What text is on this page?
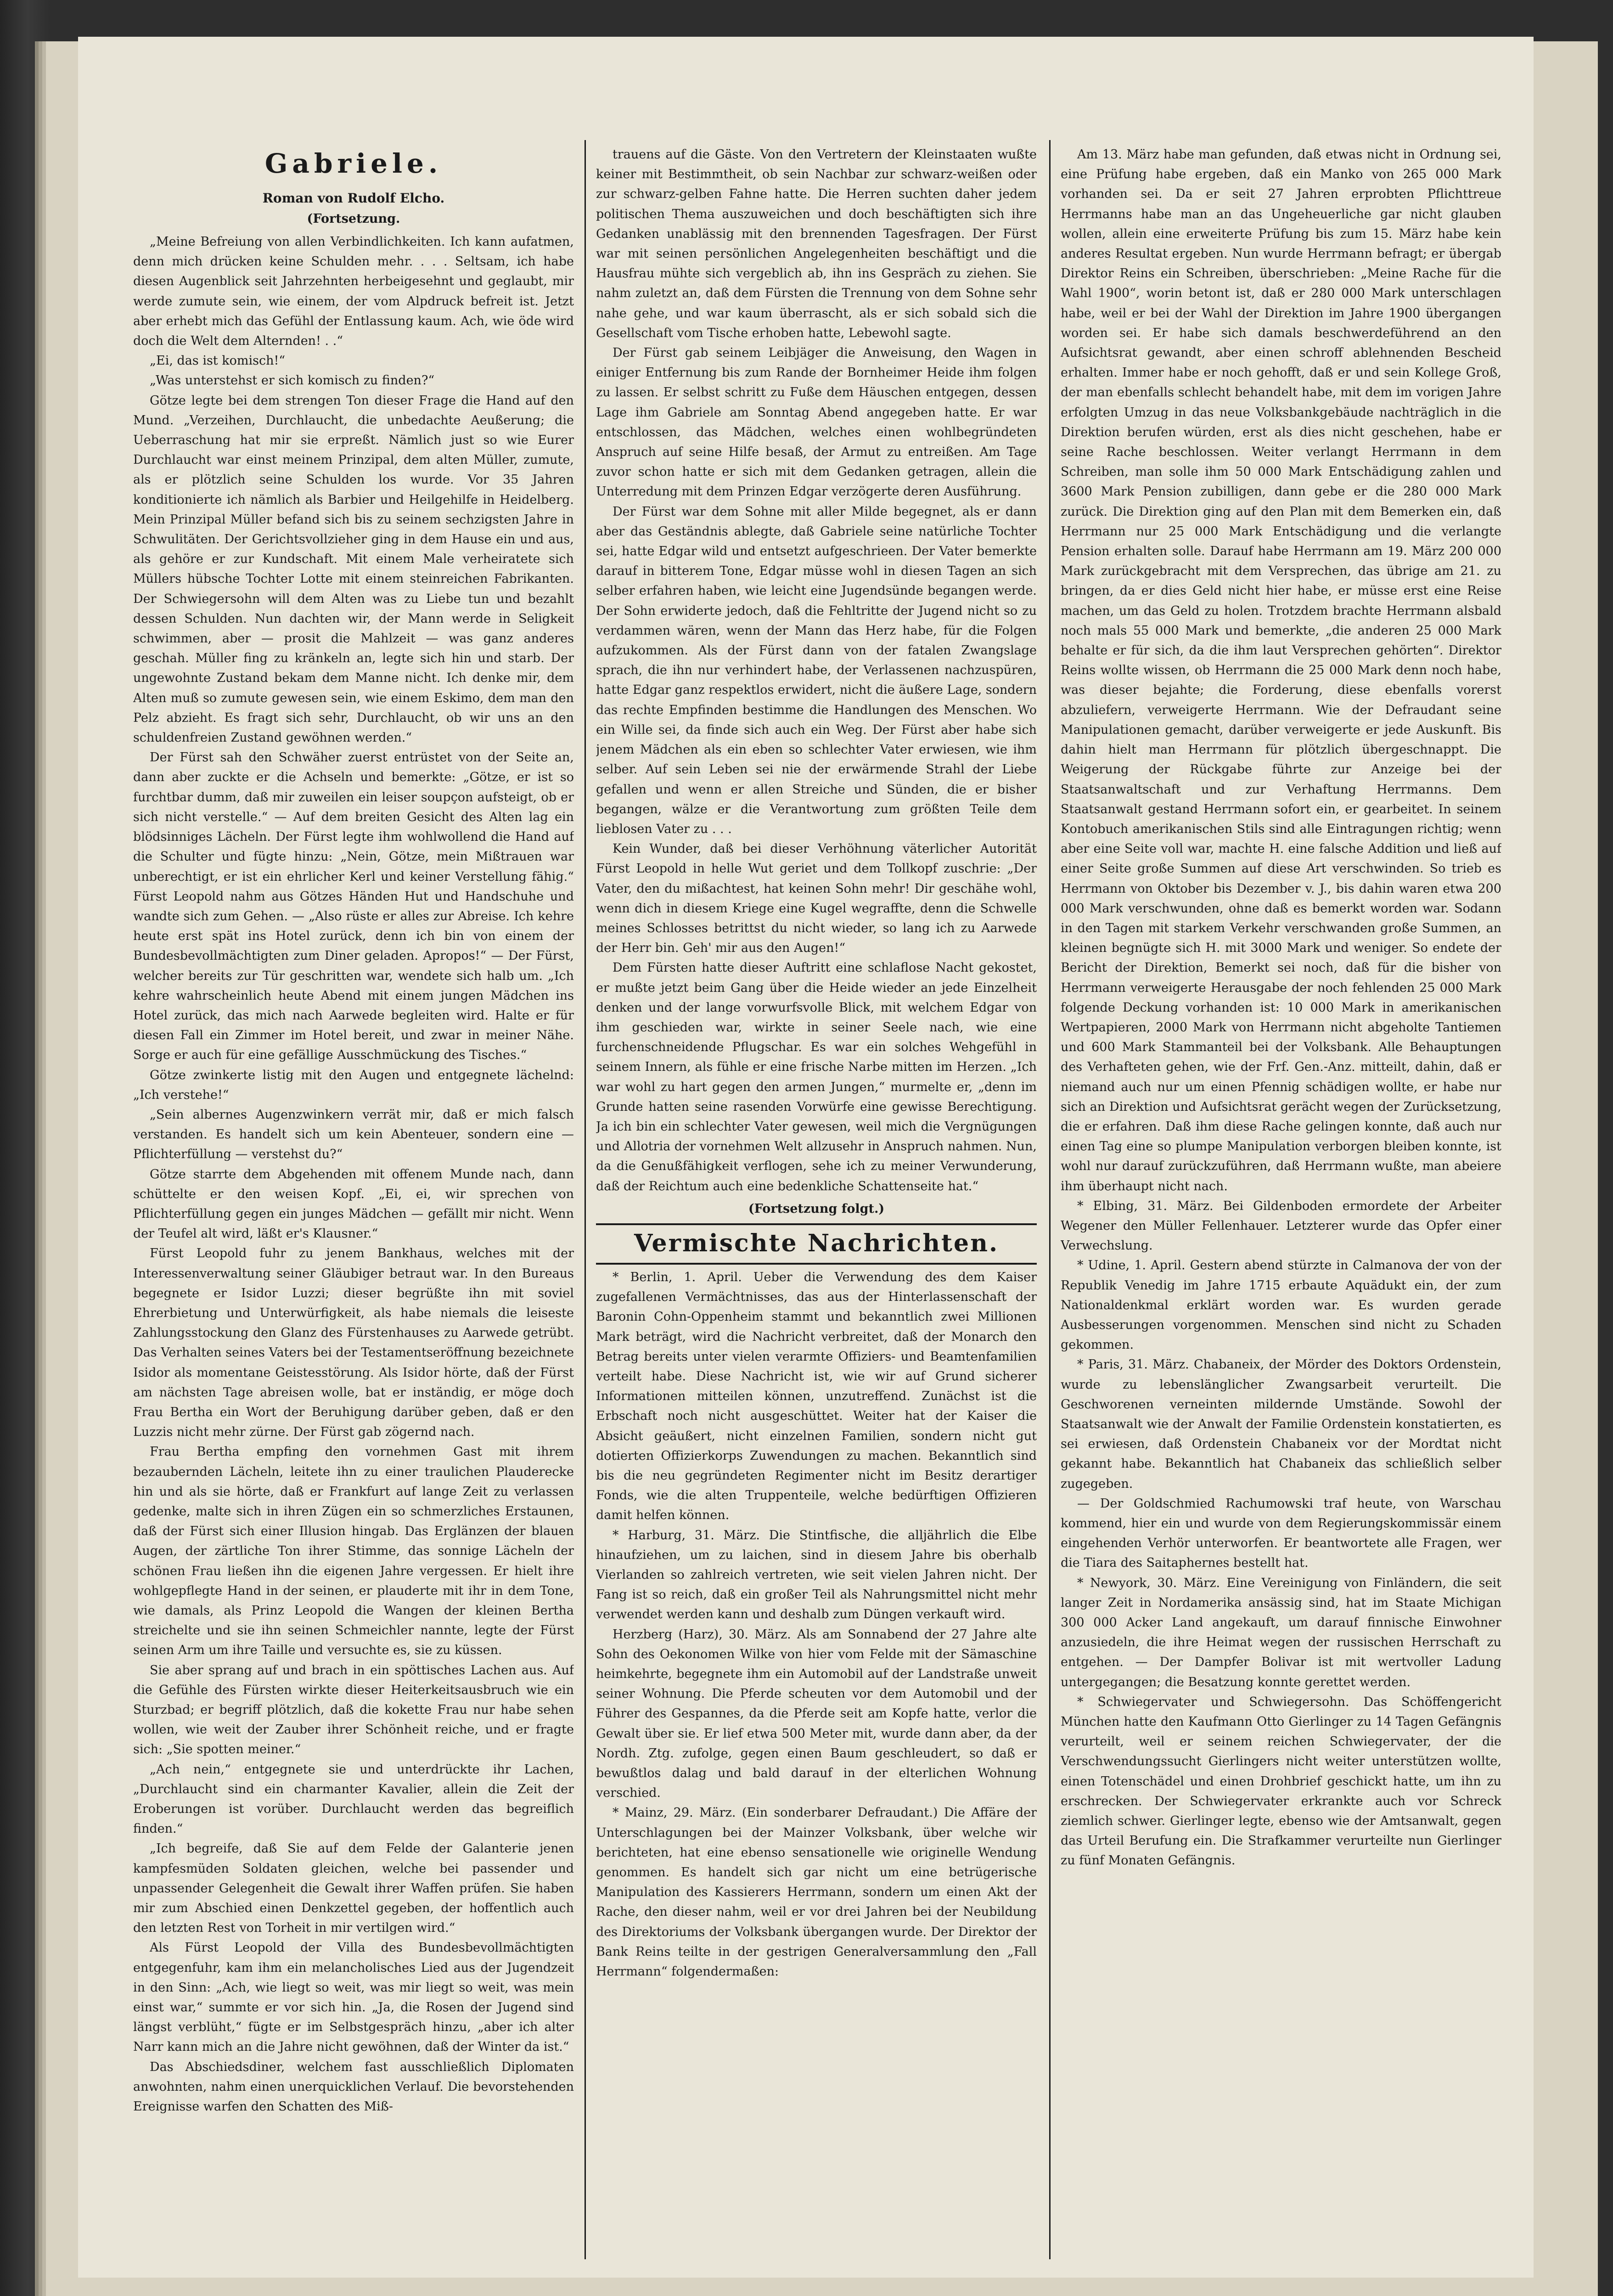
Gabriele.
Roman von Rudolf Elcho.
(Fortsetzung.

„Meine Befreiung von allen Verbindlichkeiten. Ich kann aufatmen, denn mich drücken keine Schulden mehr. . . . Seltsam, ich habe diesen Augenblick seit Jahrzehnten herbeigesehnt und geglaubt, mir werde zumute sein, wie einem, der vom Alpdruck befreit ist. Jetzt aber erhebt mich das Gefühl der Entlassung kaum. Ach, wie öde wird doch die Welt dem Alternden! . .“

„Ei, das ist komisch!“

„Was unterstehst er sich komisch zu finden?“

Götze legte bei dem strengen Ton dieser Frage die Hand auf den Mund. „Verzeihen, Durchlaucht, die unbedachte Aeußerung; die Ueberraschung hat mir sie erpreßt. Nämlich just so wie Eurer Durchlaucht war einst meinem Prinzipal, dem alten Müller, zumute, als er plötzlich seine Schulden los wurde. Vor 35 Jahren konditionierte ich nämlich als Barbier und Heilgehilfe in Heidelberg. Mein Prinzipal Müller befand sich bis zu seinem sechzigsten Jahre in Schwulitäten. Der Gerichtsvollzieher ging in dem Hause ein und aus, als gehöre er zur Kundschaft. Mit einem Male verheiratete sich Müllers hübsche Tochter Lotte mit einem steinreichen Fabrikanten. Der Schwiegersohn will dem Alten was zu Liebe tun und bezahlt dessen Schulden. Nun dachten wir, der Mann werde in Seligkeit schwimmen, aber — prosit die Mahlzeit — was ganz anderes geschah. Müller fing zu kränkeln an, legte sich hin und starb. Der ungewohnte Zustand bekam dem Manne nicht. Ich denke mir, dem Alten muß so zumute gewesen sein, wie einem Eskimo, dem man den Pelz abzieht. Es fragt sich sehr, Durchlaucht, ob wir uns an den schuldenfreien Zustand gewöhnen werden.“

Der Fürst sah den Schwäher zuerst entrüstet von der Seite an, dann aber zuckte er die Achseln und bemerkte: „Götze, er ist so furchtbar dumm, daß mir zuweilen ein leiser soupçon aufsteigt, ob er sich nicht verstelle.“ — Auf dem breiten Gesicht des Alten lag ein blödsinniges Lächeln. Der Fürst legte ihm wohlwollend die Hand auf die Schulter und fügte hinzu: „Nein, Götze, mein Mißtrauen war unberechtigt, er ist ein ehrlicher Kerl und keiner Verstellung fähig.“ Fürst Leopold nahm aus Götzes Händen Hut und Handschuhe und wandte sich zum Gehen. — „Also rüste er alles zur Abreise. Ich kehre heute erst spät ins Hotel zurück, denn ich bin von einem der Bundesbevollmächtigten zum Diner geladen. Apropos!“ — Der Fürst, welcher bereits zur Tür geschritten war, wendete sich halb um. „Ich kehre wahrscheinlich heute Abend mit einem jungen Mädchen ins Hotel zurück, das mich nach Aarwede begleiten wird. Halte er für diesen Fall ein Zimmer im Hotel bereit, und zwar in meiner Nähe. Sorge er auch für eine gefällige Ausschmückung des Tisches.“

Götze zwinkerte listig mit den Augen und entgegnete lächelnd: „Ich verstehe!“

„Sein albernes Augenzwinkern verrät mir, daß er mich falsch verstanden. Es handelt sich um kein Abenteuer, sondern eine — Pflichterfüllung — verstehst du?“

Götze starrte dem Abgehenden mit offenem Munde nach, dann schüttelte er den weisen Kopf. „Ei, ei, wir sprechen von Pflichterfüllung gegen ein junges Mädchen — gefällt mir nicht. Wenn der Teufel alt wird, läßt er's Klausner.“

Fürst Leopold fuhr zu jenem Bankhaus, welches mit der Interessenverwaltung seiner Gläubiger betraut war. In den Bureaus begegnete er Isidor Luzzi; dieser begrüßte ihn mit soviel Ehrerbietung und Unterwürfigkeit, als habe niemals die leiseste Zahlungsstockung den Glanz des Fürstenhauses zu Aarwede getrübt. Das Verhalten seines Vaters bei der Testamentseröffnung bezeichnete Isidor als momentane Geistesstörung. Als Isidor hörte, daß der Fürst am nächsten Tage abreisen wolle, bat er inständig, er möge doch Frau Bertha ein Wort der Beruhigung darüber geben, daß er den Luzzis nicht mehr zürne. Der Fürst gab zögernd nach.

Frau Bertha empfing den vornehmen Gast mit ihrem bezaubernden Lächeln, leitete ihn zu einer traulichen Plauderecke hin und als sie hörte, daß er Frankfurt auf lange Zeit zu verlassen gedenke, malte sich in ihren Zügen ein so schmerzliches Erstaunen, daß der Fürst sich einer Illusion hingab. Das Erglänzen der blauen Augen, der zärtliche Ton ihrer Stimme, das sonnige Lächeln der schönen Frau ließen ihn die eigenen Jahre vergessen. Er hielt ihre wohlgepflegte Hand in der seinen, er plauderte mit ihr in dem Tone, wie damals, als Prinz Leopold die Wangen der kleinen Bertha streichelte und sie ihn seinen Schmeichler nannte, legte der Fürst seinen Arm um ihre Taille und versuchte es, sie zu küssen.

Sie aber sprang auf und brach in ein spöttisches Lachen aus. Auf die Gefühle des Fürsten wirkte dieser Heiterkeitsausbruch wie ein Sturzbad; er begriff plötzlich, daß die kokette Frau nur habe sehen wollen, wie weit der Zauber ihrer Schönheit reiche, und er fragte sich: „Sie spotten meiner.“

„Ach nein,“ entgegnete sie und unterdrückte ihr Lachen, „Durchlaucht sind ein charmanter Kavalier, allein die Zeit der Eroberungen ist vorüber. Durchlaucht werden das begreiflich finden.“

„Ich begreife, daß Sie auf dem Felde der Galanterie jenen kampfesmüden Soldaten gleichen, welche bei passender und unpassender Gelegenheit die Gewalt ihrer Waffen prüfen. Sie haben mir zum Abschied einen Denkzettel gegeben, der hoffentlich auch den letzten Rest von Torheit in mir vertilgen wird.“

Als Fürst Leopold der Villa des Bundesbevollmächtigten entgegenfuhr, kam ihm ein melancholisches Lied aus der Jugendzeit in den Sinn: „Ach, wie liegt so weit, was mir liegt so weit, was mein einst war,“ summte er vor sich hin. „Ja, die Rosen der Jugend sind längst verblüht,“ fügte er im Selbstgespräch hinzu, „aber ich alter Narr kann mich an die Jahre nicht gewöhnen, daß der Winter da ist.“

Das Abschiedsdiner, welchem fast ausschließlich Diplomaten anwohnten, nahm einen unerquicklichen Verlauf. Die bevorstehenden Ereignisse warfen den Schatten des Miß-

trauens auf die Gäste. Von den Vertretern der Kleinstaaten wußte keiner mit Bestimmtheit, ob sein Nachbar zur schwarz-weißen oder zur schwarz-gelben Fahne hatte. Die Herren suchten daher jedem politischen Thema auszuweichen und doch beschäftigten sich ihre Gedanken unablässig mit den brennenden Tagesfragen. Der Fürst war mit seinen persönlichen Angelegenheiten beschäftigt und die Hausfrau mühte sich vergeblich ab, ihn ins Gespräch zu ziehen. Sie nahm zuletzt an, daß dem Fürsten die Trennung von dem Sohne sehr nahe gehe, und war kaum überrascht, als er sich sobald sich die Gesellschaft vom Tische erhoben hatte, Lebewohl sagte.

Der Fürst gab seinem Leibjäger die Anweisung, den Wagen in einiger Entfernung bis zum Rande der Bornheimer Heide ihm folgen zu lassen. Er selbst schritt zu Fuße dem Häuschen entgegen, dessen Lage ihm Gabriele am Sonntag Abend angegeben hatte. Er war entschlossen, das Mädchen, welches einen wohlbegründeten Anspruch auf seine Hilfe besaß, der Armut zu entreißen. Am Tage zuvor schon hatte er sich mit dem Gedanken getragen, allein die Unterredung mit dem Prinzen Edgar verzögerte deren Ausführung.

Der Fürst war dem Sohne mit aller Milde begegnet, als er dann aber das Geständnis ablegte, daß Gabriele seine natürliche Tochter sei, hatte Edgar wild und entsetzt aufgeschrieen. Der Vater bemerkte darauf in bitterem Tone, Edgar müsse wohl in diesen Tagen an sich selber erfahren haben, wie leicht eine Jugendsünde begangen werde. Der Sohn erwiderte jedoch, daß die Fehltritte der Jugend nicht so zu verdammen wären, wenn der Mann das Herz habe, für die Folgen aufzukommen. Als der Fürst dann von der fatalen Zwangslage sprach, die ihn nur verhindert habe, der Verlassenen nachzuspüren, hatte Edgar ganz respektlos erwidert, nicht die äußere Lage, sondern das rechte Empfinden bestimme die Handlungen des Menschen. Wo ein Wille sei, da finde sich auch ein Weg. Der Fürst aber habe sich jenem Mädchen als ein eben so schlechter Vater erwiesen, wie ihm selber. Auf sein Leben sei nie der erwärmende Strahl der Liebe gefallen und wenn er allen Streiche und Sünden, die er bisher begangen, wälze er die Verantwortung zum größten Teile dem lieblosen Vater zu . . .

Kein Wunder, daß bei dieser Verhöhnung väterlicher Autorität Fürst Leopold in helle Wut geriet und dem Tollkopf zuschrie: „Der Vater, den du mißachtest, hat keinen Sohn mehr! Dir geschähe wohl, wenn dich in diesem Kriege eine Kugel wegraffte, denn die Schwelle meines Schlosses betrittst du nicht wieder, so lang ich zu Aarwede der Herr bin. Geh' mir aus den Augen!“

Dem Fürsten hatte dieser Auftritt eine schlaflose Nacht gekostet, er mußte jetzt beim Gang über die Heide wieder an jede Einzelheit denken und der lange vorwurfsvolle Blick, mit welchem Edgar von ihm geschieden war, wirkte in seiner Seele nach, wie eine furchenschneidende Pflugschar. Es war ein solches Wehgefühl in seinem Innern, als fühle er eine frische Narbe mitten im Herzen. „Ich war wohl zu hart gegen den armen Jungen,“ murmelte er, „denn im Grunde hatten seine rasenden Vorwürfe eine gewisse Berechtigung. Ja ich bin ein schlechter Vater gewesen, weil mich die Vergnügungen und Allotria der vornehmen Welt allzusehr in Anspruch nahmen. Nun, da die Genußfähigkeit verflogen, sehe ich zu meiner Verwunderung, daß der Reichtum auch eine bedenkliche Schattenseite hat.“

(Fortsetzung folgt.)
Vermischte Nachrichten.

* Berlin, 1. April. Ueber die Verwendung des dem Kaiser zugefallenen Vermächtnisses, das aus der Hinterlassenschaft der Baronin Cohn-Oppenheim stammt und bekanntlich zwei Millionen Mark beträgt, wird die Nachricht verbreitet, daß der Monarch den Betrag bereits unter vielen verarmte Offiziers- und Beamtenfamilien verteilt habe. Diese Nachricht ist, wie wir auf Grund sicherer Informationen mitteilen können, unzutreffend. Zunächst ist die Erbschaft noch nicht ausgeschüttet. Weiter hat der Kaiser die Absicht geäußert, nicht einzelnen Familien, sondern nicht gut dotierten Offizierkorps Zuwendungen zu machen. Bekanntlich sind bis die neu gegründeten Regimenter nicht im Besitz derartiger Fonds, wie die alten Truppenteile, welche bedürftigen Offizieren damit helfen können.

* Harburg, 31. März. Die Stintfische, die alljährlich die Elbe hinaufziehen, um zu laichen, sind in diesem Jahre bis oberhalb Vierlanden so zahlreich vertreten, wie seit vielen Jahren nicht. Der Fang ist so reich, daß ein großer Teil als Nahrungsmittel nicht mehr verwendet werden kann und deshalb zum Düngen verkauft wird.

Herzberg (Harz), 30. März. Als am Sonnabend der 27 Jahre alte Sohn des Oekonomen Wilke von hier vom Felde mit der Sämaschine heimkehrte, begegnete ihm ein Automobil auf der Landstraße unweit seiner Wohnung. Die Pferde scheuten vor dem Automobil und der Führer des Gespannes, da die Pferde seit am Kopfe hatte, verlor die Gewalt über sie. Er lief etwa 500 Meter mit, wurde dann aber, da der Nordh. Ztg. zufolge, gegen einen Baum geschleudert, so daß er bewußtlos dalag und bald darauf in der elterlichen Wohnung verschied.

* Mainz, 29. März. (Ein sonderbarer Defraudant.) Die Affäre der Unterschlagungen bei der Mainzer Volksbank, über welche wir berichteten, hat eine ebenso sensationelle wie originelle Wendung genommen. Es handelt sich gar nicht um eine betrügerische Manipulation des Kassierers Herrmann, sondern um einen Akt der Rache, den dieser nahm, weil er vor drei Jahren bei der Neubildung des Direktoriums der Volksbank übergangen wurde. Der Direktor der Bank Reins teilte in der gestrigen Generalversammlung den „Fall Herrmann“ folgendermaßen:

Am 13. März habe man gefunden, daß etwas nicht in Ordnung sei, eine Prüfung habe ergeben, daß ein Manko von 265 000 Mark vorhanden sei. Da er seit 27 Jahren erprobten Pflichttreue Herrmanns habe man an das Ungeheuerliche gar nicht glauben wollen, allein eine erweiterte Prüfung bis zum 15. März habe kein anderes Resultat ergeben. Nun wurde Herrmann befragt; er übergab Direktor Reins ein Schreiben, überschrieben: „Meine Rache für die Wahl 1900“, worin betont ist, daß er 280 000 Mark unterschlagen habe, weil er bei der Wahl der Direktion im Jahre 1900 übergangen worden sei. Er habe sich damals beschwerdeführend an den Aufsichtsrat gewandt, aber einen schroff ablehnenden Bescheid erhalten. Immer habe er noch gehofft, daß er und sein Kollege Groß, der man ebenfalls schlecht behandelt habe, mit dem im vorigen Jahre erfolgten Umzug in das neue Volksbankgebäude nachträglich in die Direktion berufen würden, erst als dies nicht geschehen, habe er seine Rache beschlossen. Weiter verlangt Herrmann in dem Schreiben, man solle ihm 50 000 Mark Entschädigung zahlen und 3600 Mark Pension zubilligen, dann gebe er die 280 000 Mark zurück. Die Direktion ging auf den Plan mit dem Bemerken ein, daß Herrmann nur 25 000 Mark Entschädigung und die verlangte Pension erhalten solle. Darauf habe Herrmann am 19. März 200 000 Mark zurückgebracht mit dem Versprechen, das übrige am 21. zu bringen, da er dies Geld nicht hier habe, er müsse erst eine Reise machen, um das Geld zu holen. Trotzdem brachte Herrmann alsbald noch mals 55 000 Mark und bemerkte, „die anderen 25 000 Mark behalte er für sich, da die ihm laut Versprechen gehörten“. Direktor Reins wollte wissen, ob Herrmann die 25 000 Mark denn noch habe, was dieser bejahte; die Forderung, diese ebenfalls vorerst abzuliefern, verweigerte Herrmann. Wie der Defraudant seine Manipulationen gemacht, darüber verweigerte er jede Auskunft. Bis dahin hielt man Herrmann für plötzlich übergeschnappt. Die Weigerung der Rückgabe führte zur Anzeige bei der Staatsanwaltschaft und zur Verhaftung Herrmanns. Dem Staatsanwalt gestand Herrmann sofort ein, er gearbeitet. In seinem Kontobuch amerikanischen Stils sind alle Eintragungen richtig; wenn aber eine Seite voll war, machte H. eine falsche Addition und ließ auf einer Seite große Summen auf diese Art verschwinden. So trieb es Herrmann von Oktober bis Dezember v. J., bis dahin waren etwa 200 000 Mark verschwunden, ohne daß es bemerkt worden war. Sodann in den Tagen mit starkem Verkehr verschwanden große Summen, an kleinen begnügte sich H. mit 3000 Mark und weniger. So endete der Bericht der Direktion, Bemerkt sei noch, daß für die bisher von Herrmann verweigerte Herausgabe der noch fehlenden 25 000 Mark folgende Deckung vorhanden ist: 10 000 Mark in amerikanischen Wertpapieren, 2000 Mark von Herrmann nicht abgeholte Tantiemen und 600 Mark Stammanteil bei der Volksbank. Alle Behauptungen des Verhafteten gehen, wie der Frf. Gen.-Anz. mitteilt, dahin, daß er niemand auch nur um einen Pfennig schädigen wollte, er habe nur sich an Direktion und Aufsichtsrat gerächt wegen der Zurücksetzung, die er erfahren. Daß ihm diese Rache gelingen konnte, daß auch nur einen Tag eine so plumpe Manipulation verborgen bleiben konnte, ist wohl nur darauf zurückzuführen, daß Herrmann wußte, man abeiere ihm überhaupt nicht nach.

* Elbing, 31. März. Bei Gildenboden ermordete der Arbeiter Wegener den Müller Fellenhauer. Letzterer wurde das Opfer einer Verwechslung.

* Udine, 1. April. Gestern abend stürzte in Calmanova der von der Republik Venedig im Jahre 1715 erbaute Aquädukt ein, der zum Nationaldenkmal erklärt worden war. Es wurden gerade Ausbesserungen vorgenommen. Menschen sind nicht zu Schaden gekommen.

* Paris, 31. März. Chabaneix, der Mörder des Doktors Ordenstein, wurde zu lebenslänglicher Zwangsarbeit verurteilt. Die Geschworenen verneinten mildernde Umstände. Sowohl der Staatsanwalt wie der Anwalt der Familie Ordenstein konstatierten, es sei erwiesen, daß Ordenstein Chabaneix vor der Mordtat nicht gekannt habe. Bekanntlich hat Chabaneix das schließlich selber zugegeben.

— Der Goldschmied Rachumowski traf heute, von Warschau kommend, hier ein und wurde von dem Regierungskommissär einem eingehenden Verhör unterworfen. Er beantwortete alle Fragen, wer die Tiara des Saitaphernes bestellt hat.

* Newyork, 30. März. Eine Vereinigung von Finländern, die seit langer Zeit in Nordamerika ansässig sind, hat im Staate Michigan 300 000 Acker Land angekauft, um darauf finnische Einwohner anzusiedeln, die ihre Heimat wegen der russischen Herrschaft zu entgehen. — Der Dampfer Bolivar ist mit wertvoller Ladung untergegangen; die Besatzung konnte gerettet werden.

* Schwiegervater und Schwiegersohn. Das Schöffengericht München hatte den Kaufmann Otto Gierlinger zu 14 Tagen Gefängnis verurteilt, weil er seinem reichen Schwiegervater, der die Verschwendungssucht Gierlingers nicht weiter unterstützen wollte, einen Totenschädel und einen Drohbrief geschickt hatte, um ihn zu erschrecken. Der Schwiegervater erkrankte auch vor Schreck ziemlich schwer. Gierlinger legte, ebenso wie der Amtsanwalt, gegen das Urteil Berufung ein. Die Strafkammer verurteilte nun Gierlinger zu fünf Monaten Gefängnis.
